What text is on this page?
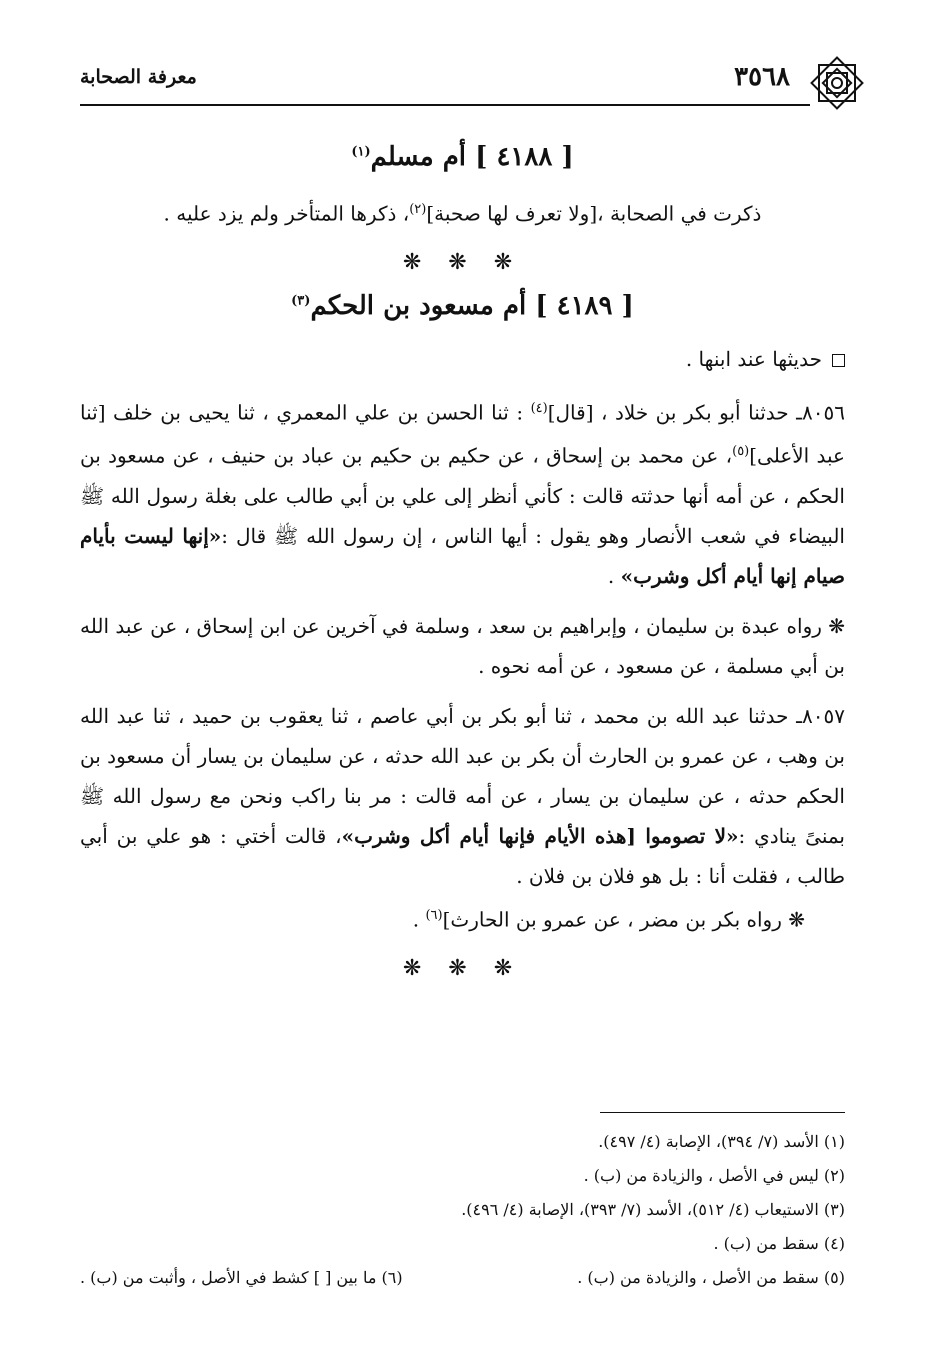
٣٥٦٨
معرفة الصحابة
[ ٤١٨٨ ] أم مسلم$^{(١)}$

ذكرت في الصحابة ،[ولا تعرف لها صحبة]$^{(٢)}$، ذكرها المتأخر ولم يزد عليه .

❋ ❋ ❋
[ ٤١٨٩ ] أم مسعود بن الحكم$^{(٣)}$

حديثها عند ابنها .

٨٠٥٦ـ حدثنا أبو بكر بن خلاد ، [قال]$^{(٤)}$ : ثنا الحسن بن علي المعمري ، ثنا يحيى بن خلف [ثنا عبد الأعلى]$^{(٥)}$، عن محمد بن إسحاق ، عن حكيم بن حكيم بن عباد بن حنيف ، عن مسعود بن الحكم ، عن أمه أنها حدثته قالت : كأني أنظر إلى علي بن أبي طالب على بغلة رسول الله ﷺ البيضاء في شعب الأنصار وهو يقول : أيها الناس ، إن رسول الله ﷺ قال :«إنها ليست بأيام صيام إنها أيام أكل وشرب» .

❋ رواه عبدة بن سليمان ، وإبراهيم بن سعد ، وسلمة في آخرين عن ابن إسحاق ، عن عبد الله بن أبي مسلمة ، عن مسعود ، عن أمه نحوه .

٨٠٥٧ـ حدثنا عبد الله بن محمد ، ثنا أبو بكر بن أبي عاصم ، ثنا يعقوب بن حميد ، ثنا عبد الله بن وهب ، عن عمرو بن الحارث أن بكر بن عبد الله حدثه ، عن سليمان بن يسار أن مسعود بن الحكم حدثه ، عن سليمان بن يسار ، عن أمه قالت : مر بنا راكب ونحن مع رسول الله ﷺ بمنىً ينادي :«لا تصوموا [هذه الأيام فإنها أيام أكل وشرب»، قالت أختي : هو علي بن أبي طالب ، فقلت أنا : بل هو فلان بن فلان .

❋ رواه بكر بن مضر ، عن عمرو بن الحارث]$^{(٦)}$ .

❋ ❋ ❋
(١) الأسد (٧/ ٣٩٤)، الإصابة (٤/ ٤٩٧).
(٢) ليس في الأصل ، والزيادة من (ب) .
(٣) الاستيعاب (٤/ ٥١٢)، الأسد (٧/ ٣٩٣)، الإصابة (٤/ ٤٩٦).
(٤) سقط من (ب) .
(٥) سقط من الأصل ، والزيادة من (ب) .
(٦) ما بين [ ] كشط في الأصل ، وأثبت من (ب) .
